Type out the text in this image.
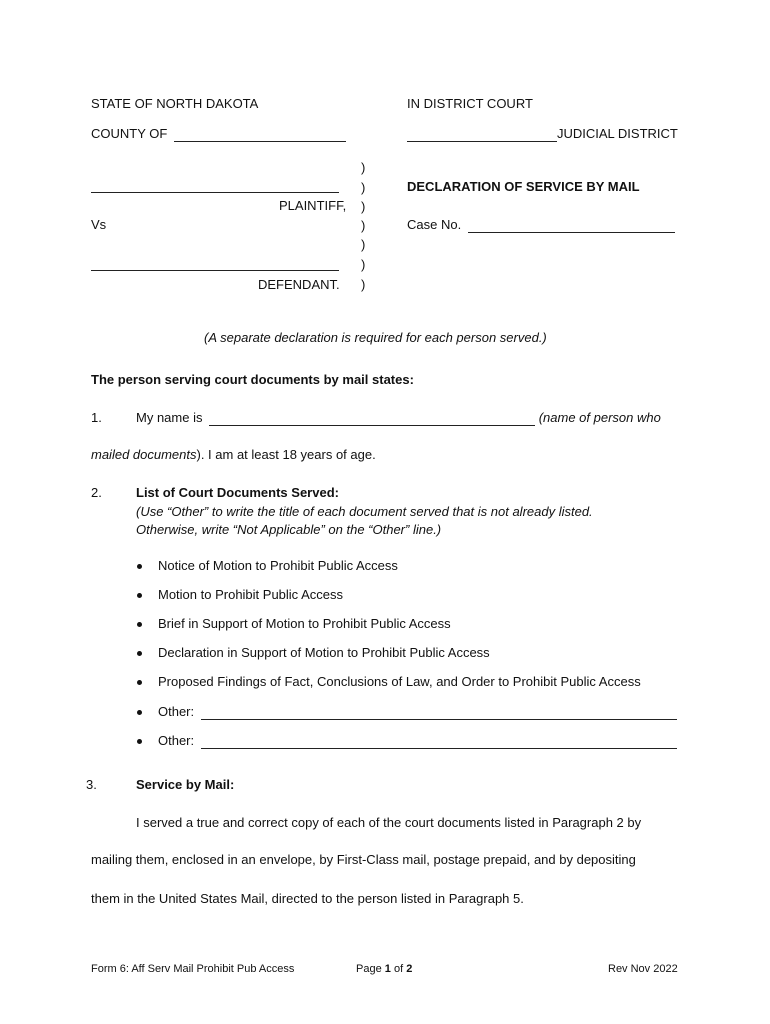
STATE OF NORTH DAKOTA	IN DISTRICT COURT
COUNTY OF	JUDICIAL DISTRICT
)
)
)
)
)
)
)
PLAINTIFF,
Vs
DEFENDANT.
DECLARATION OF SERVICE BY MAIL
Case No.
(A separate declaration is required for each person served.)
The person serving court documents by mail states:
1.	My name is	(name of person who
mailed documents). I am at least 18 years of age.
2.	List of Court Documents Served:
(Use “Other” to write the title of each document served that is not already listed.
Otherwise, write “Not Applicable” on the “Other” line.)
Notice of Motion to Prohibit Public Access
Motion to Prohibit Public Access
Brief in Support of Motion to Prohibit Public Access
Declaration in Support of Motion to Prohibit Public Access
Proposed Findings of Fact, Conclusions of Law, and Order to Prohibit Public Access
Other:
Other:
3.	Service by Mail:
I served a true and correct copy of each of the court documents listed in Paragraph 2 by
mailing them, enclosed in an envelope, by First-Class mail, postage prepaid, and by depositing
them in the United States Mail, directed to the person listed in Paragraph 5.
Form 6: Aff Serv Mail Prohibit Pub Access	Page 1 of 2	Rev Nov 2022
